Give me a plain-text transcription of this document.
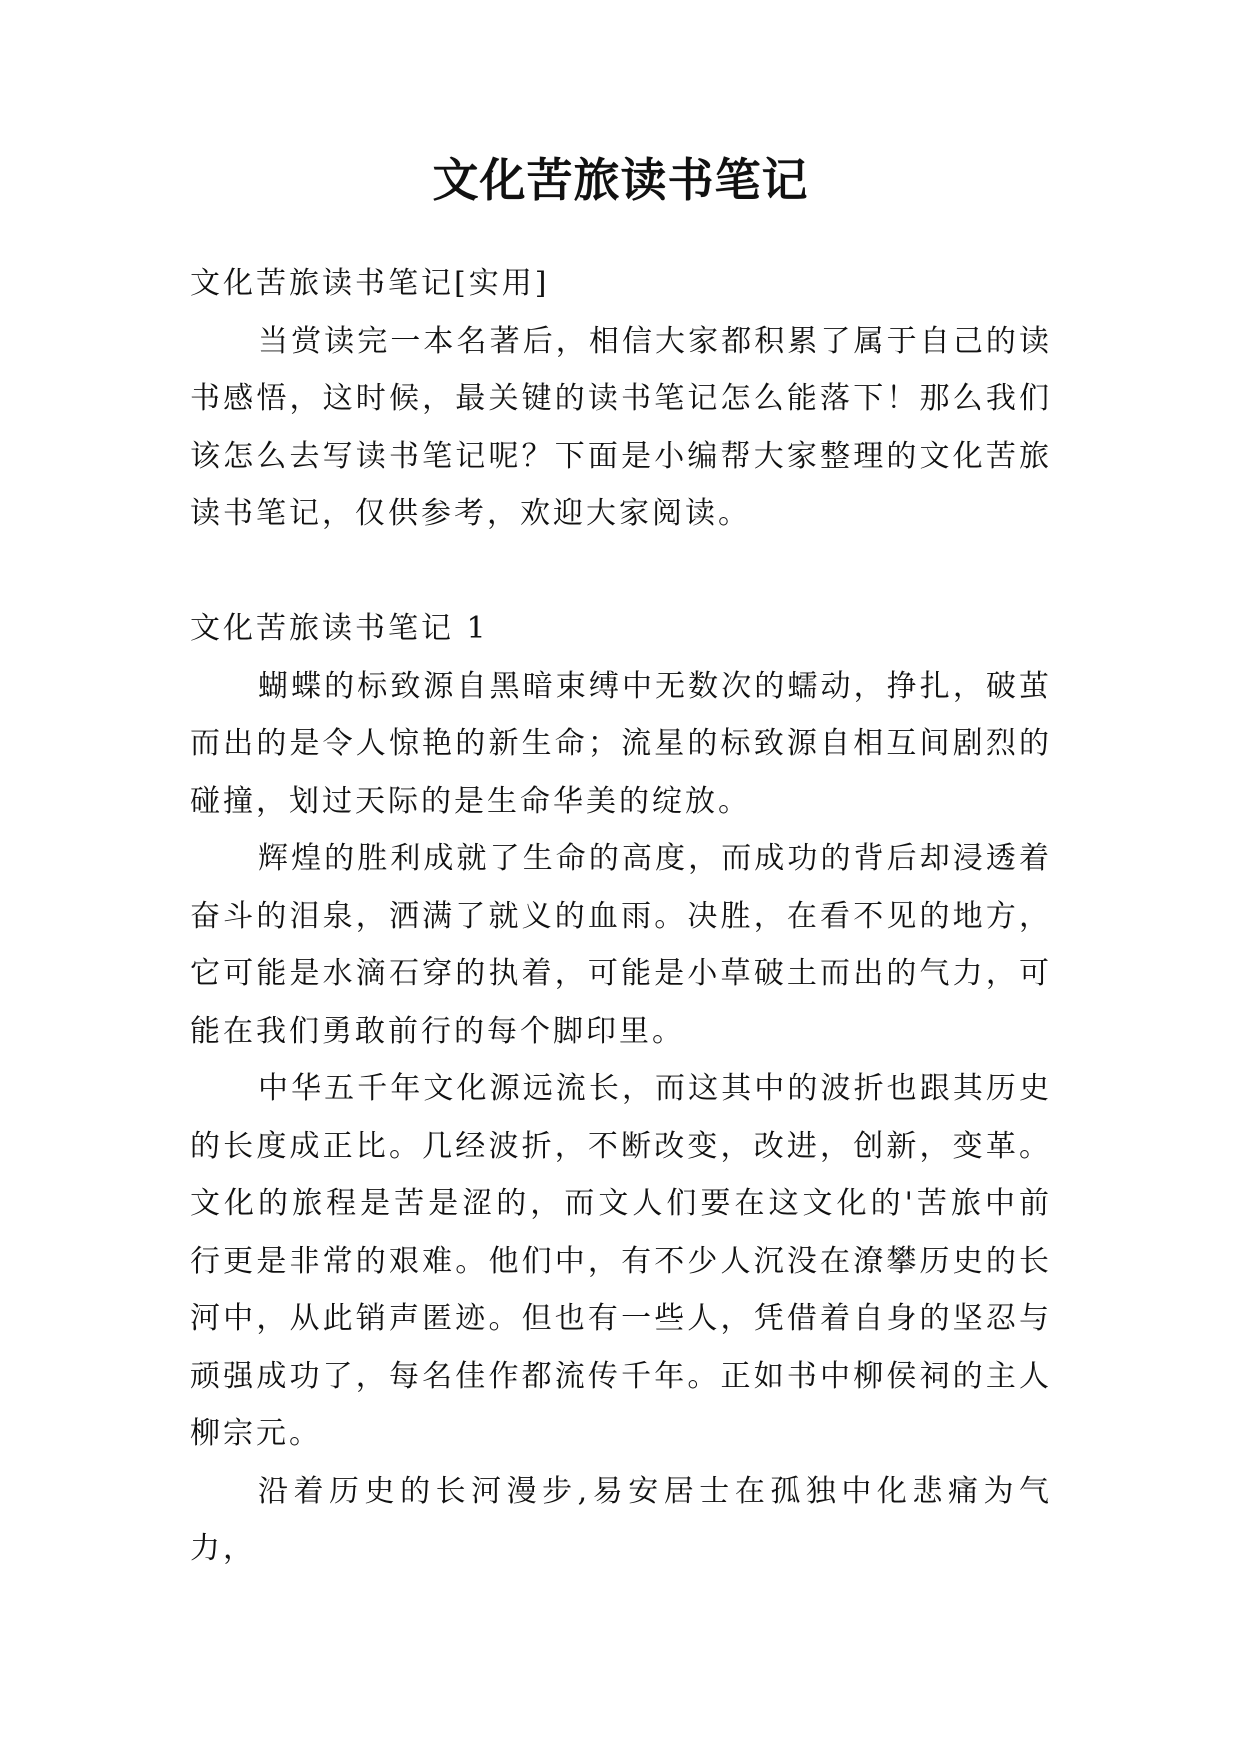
文化苦旅读书笔记

文化苦旅读书笔记[实用]

当赏读完一本名著后，相信大家都积累了属于自己的读书感悟，这时候，最关键的读书笔记怎么能落下！那么我们该怎么去写读书笔记呢？下面是小编帮大家整理的文化苦旅读书笔记，仅供参考，欢迎大家阅读。

文化苦旅读书笔记 1

蝴蝶的标致源自黑暗束缚中无数次的蠕动，挣扎，破茧而出的是令人惊艳的新生命；流星的标致源自相互间剧烈的碰撞，划过天际的是生命华美的绽放。

辉煌的胜利成就了生命的高度，而成功的背后却浸透着奋斗的泪泉，洒满了就义的血雨。决胜，在看不见的地方，它可能是水滴石穿的执着，可能是小草破土而出的气力，可能在我们勇敢前行的每个脚印里。

中华五千年文化源远流长，而这其中的波折也跟其历史的长度成正比。几经波折，不断改变，改进，创新，变革。文化的旅程是苦是涩的，而文人们要在这文化的'苦旅中前行更是非常的艰难。他们中，有不少人沉没在潦攀历史的长河中，从此销声匿迹。但也有一些人，凭借着自身的坚忍与顽强成功了，每名佳作都流传千年。正如书中柳侯祠的主人柳宗元。

沿着历史的长河漫步,易安居士在孤独中化悲痛为气力，
